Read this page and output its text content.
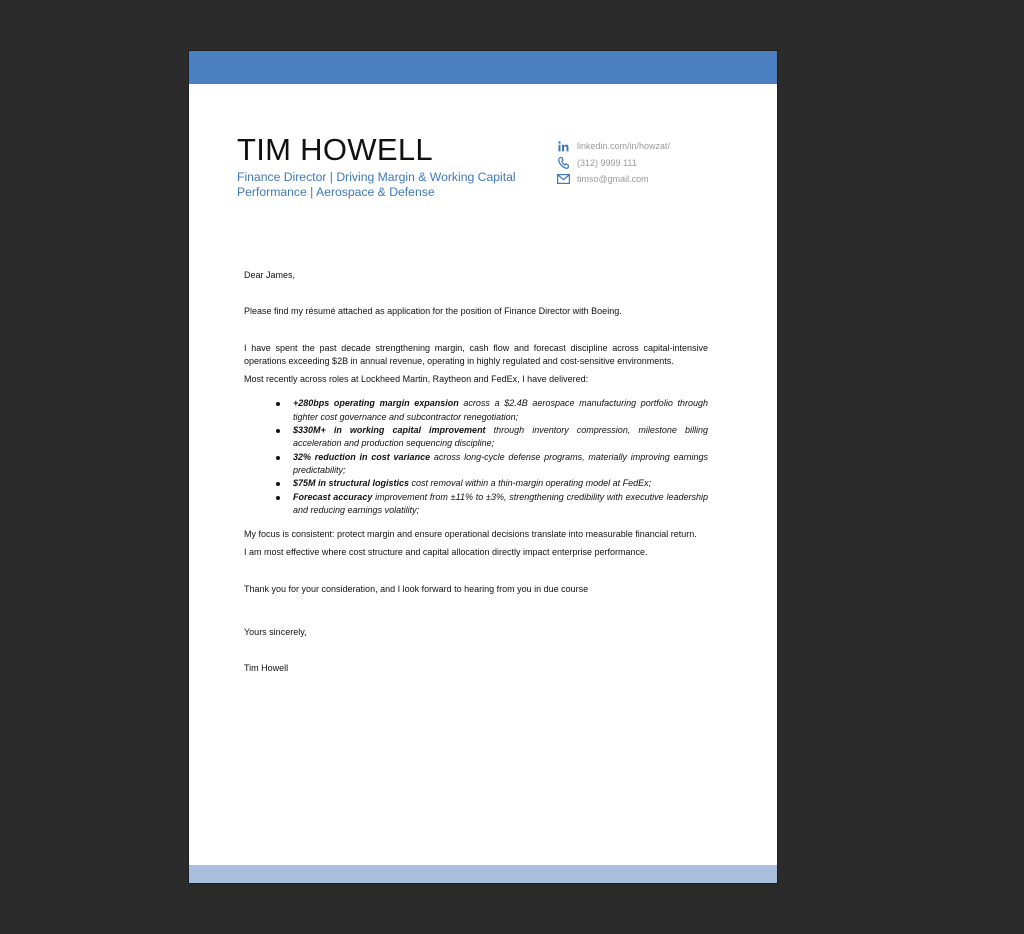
TIM HOWELL
Finance Director | Driving Margin & Working Capital Performance | Aerospace & Defense
linkedin.com/in/howzat/
(312) 9999 111
timso@gmail.com

Dear James,

Please find my résumé attached as application for the position of Finance Director with Boeing.

I have spent the past decade strengthening margin, cash flow and forecast discipline across capital-intensive operations exceeding $2B in annual revenue, operating in highly regulated and cost-sensitive environments.

Most recently across roles at Lockheed Martin, Raytheon and FedEx, I have delivered:

+280bps operating margin expansion across a $2.4B aerospace manufacturing portfolio through tighter cost governance and subcontractor renegotiation;
$330M+ in working capital improvement through inventory compression, milestone billing acceleration and production sequencing discipline;
32% reduction in cost variance across long-cycle defense programs, materially improving earnings predictability;
$75M in structural logistics cost removal within a thin-margin operating model at FedEx;
Forecast accuracy improvement from ±11% to ±3%, strengthening credibility with executive leadership and reducing earnings volatility;

My focus is consistent: protect margin and ensure operational decisions translate into measurable financial return.

I am most effective where cost structure and capital allocation directly impact enterprise performance.

Thank you for your consideration, and I look forward to hearing from you in due course

Yours sincerely,

Tim Howell
